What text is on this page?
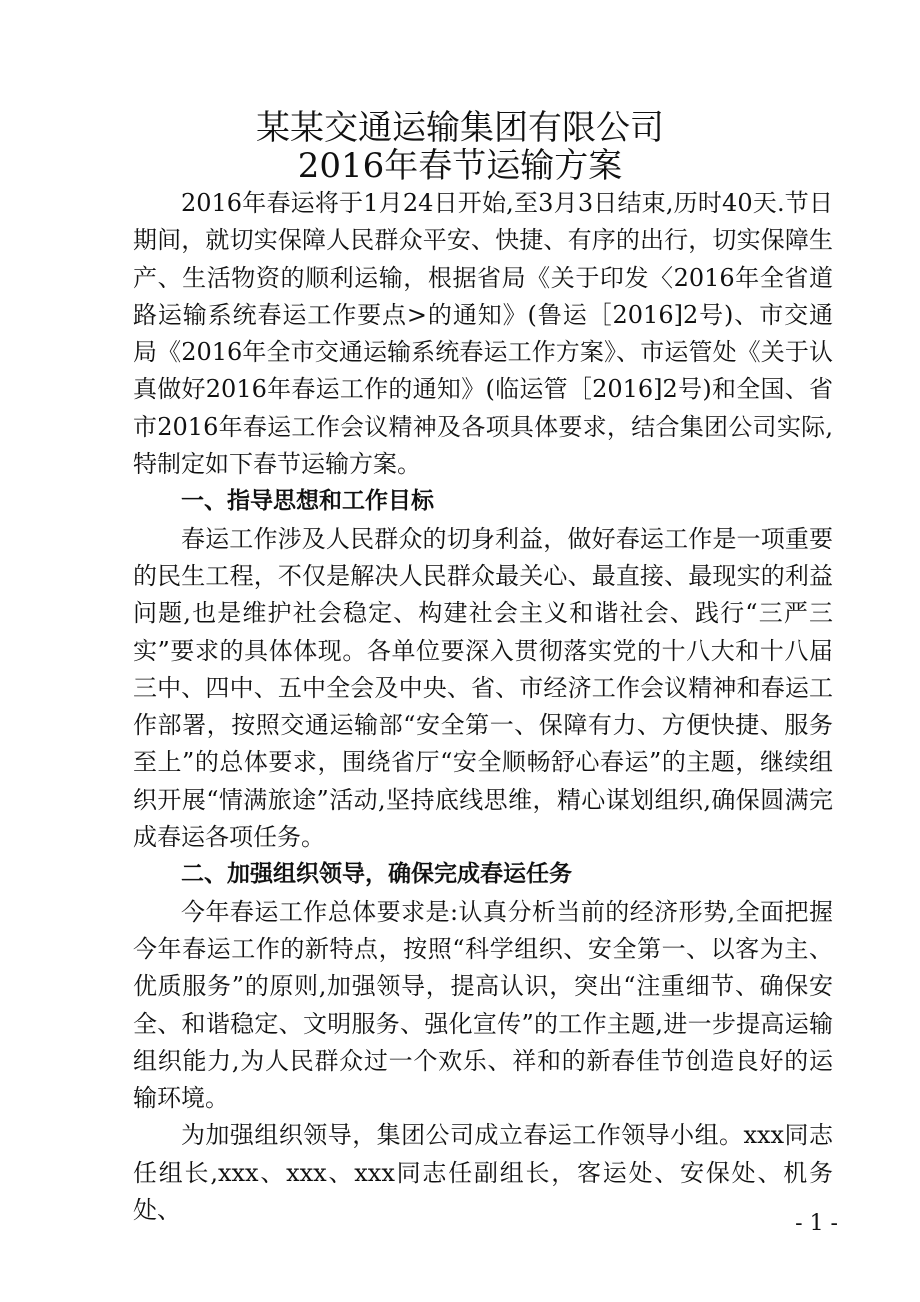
某某交通运输集团有限公司
2016年春节运输方案

2016年春运将于1月24日开始,至3月3日结束,历时40天.节日期间，就切实保障人民群众平安、快捷、有序的出行，切实保障生产、生活物资的顺利运输，根据省局《关于印发〈2016年全省道路运输系统春运工作要点>的通知》(鲁运［2016]2号)、市交通局《2016年全市交通运输系统春运工作方案》、市运管处《关于认真做好2016年春运工作的通知》(临运管［2016]2号)和全国、省市2016年春运工作会议精神及各项具体要求，结合集团公司实际,特制定如下春节运输方案。

一、指导思想和工作目标

春运工作涉及人民群众的切身利益，做好春运工作是一项重要的民生工程，不仅是解决人民群众最关心、最直接、最现实的利益问题,也是维护社会稳定、构建社会主义和谐社会、践行“三严三实”要求的具体体现。各单位要深入贯彻落实党的十八大和十八届三中、四中、五中全会及中央、省、市经济工作会议精神和春运工作部署，按照交通运输部“安全第一、保障有力、方便快捷、服务至上”的总体要求，围绕省厅“安全顺畅舒心春运”的主题，继续组织开展“情满旅途”活动,坚持底线思维，精心谋划组织,确保圆满完成春运各项任务。

二、加强组织领导，确保完成春运任务

今年春运工作总体要求是:认真分析当前的经济形势,全面把握今年春运工作的新特点，按照“科学组织、安全第一、以客为主、优质服务”的原则,加强领导，提高认识，突出“注重细节、确保安全、和谐稳定、文明服务、强化宣传”的工作主题,进一步提高运输组织能力,为人民群众过一个欢乐、祥和的新春佳节创造良好的运输环境。

为加强组织领导，集团公司成立春运工作领导小组。xxx同志任组长,xxx、xxx、xxx同志任副组长，客运处、安保处、机务处、	- 1 -
